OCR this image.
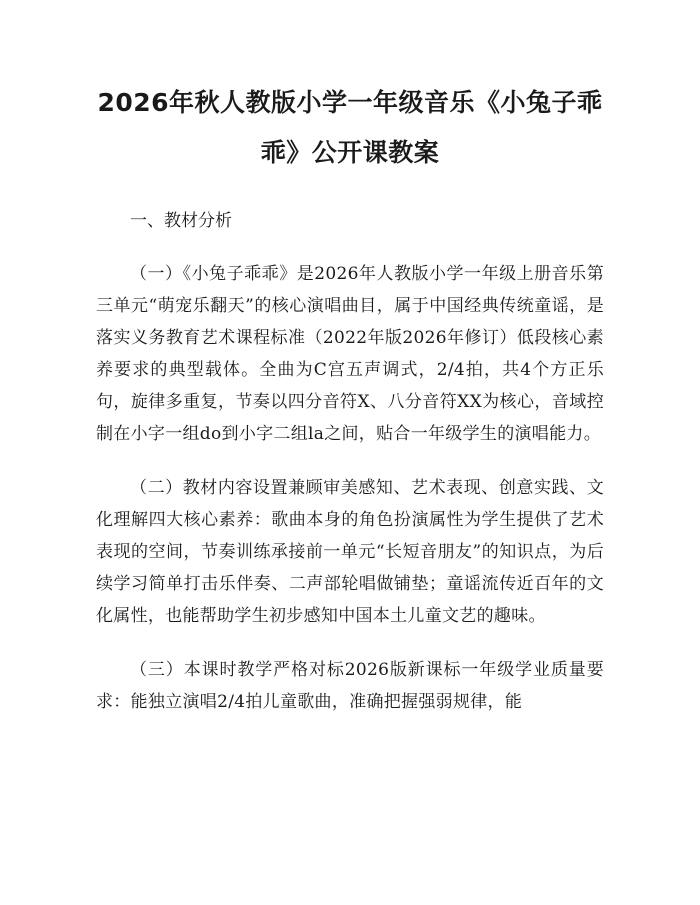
2026年秋人教版小学一年级音乐《小兔子乖乖》公开课教案

一、教材分析

（一）《小兔子乖乖》是2026年人教版小学一年级上册音乐第三单元“萌宠乐翻天”的核心演唱曲目，属于中国经典传统童谣，是落实义务教育艺术课程标准（2022年版2026年修订）低段核心素养要求的典型载体。全曲为C宫五声调式，2/4拍，共4个方正乐句，旋律多重复，节奏以四分音符X、八分音符XX为核心，音域控制在小字一组do到小字二组la之间，贴合一年级学生的演唱能力。

（二）教材内容设置兼顾审美感知、艺术表现、创意实践、文化理解四大核心素养：歌曲本身的角色扮演属性为学生提供了艺术表现的空间，节奏训练承接前一单元“长短音朋友”的知识点，为后续学习简单打击乐伴奏、二声部轮唱做铺垫；童谣流传近百年的文化属性，也能帮助学生初步感知中国本土儿童文艺的趣味。

（三）本课时教学严格对标2026版新课标一年级学业质量要求：能独立演唱2/4拍儿童歌曲，准确把握强弱规律，能
